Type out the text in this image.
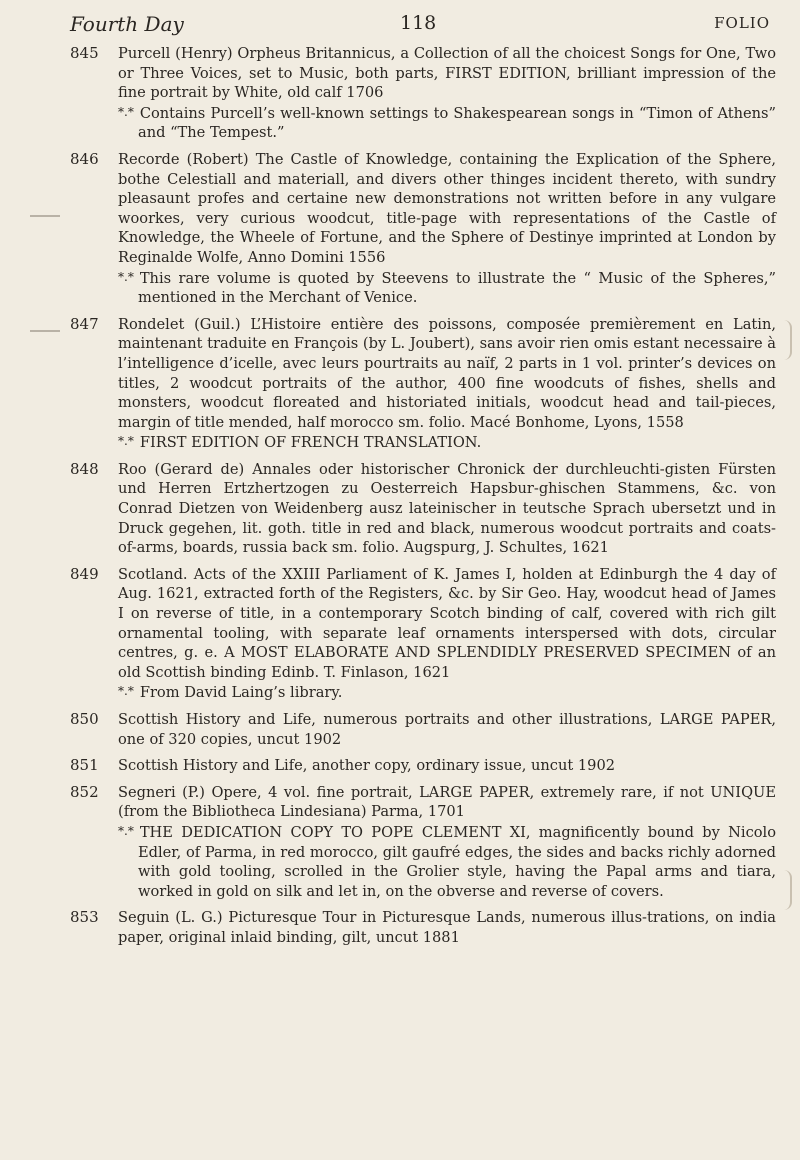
Fourth Day	118	FOLIO
845 Purcell (Henry) Orpheus Britannicus, a Collection of all the choicest Songs for One, Two or Three Voices, set to Music, both parts, FIRST EDITION, brilliant impression of the fine portrait by White, old calf 1706
*.* Contains Purcell’s well-known settings to Shakespearean songs in “Timon of Athens” and “The Tempest.”
846 Recorde (Robert) The Castle of Knowledge, containing the Explication of the Sphere, bothe Celestiall and materiall, and divers other thinges incident thereto, with sundry pleasaunt profes and certaine new demonstrations not written before in any vulgare woorkes, very curious woodcut, title-page with representations of the Castle of Knowledge, the Wheele of Fortune, and the Sphere of Destinye imprinted at London by Reginalde Wolfe, Anno Domini 1556
*.* This rare volume is quoted by Steevens to illustrate the “ Music of the Spheres,” mentioned in the Merchant of Venice.
847 Rondelet (Guil.) L’Histoire entière des poissons, composée premièrement en Latin, maintenant traduite en François (by L. Joubert), sans avoir rien omis estant necessaire à l’intelligence d’icelle, avec leurs pourtraits au naïf, 2 parts in 1 vol. printer’s devices on titles, 2 woodcut portraits of the author, 400 fine woodcuts of fishes, shells and monsters, woodcut floreated and historiated initials, woodcut head and tail-pieces, margin of title mended, half morocco sm. folio. Macé Bonhome, Lyons, 1558
*.* FIRST EDITION OF FRENCH TRANSLATION.
848 Roo (Gerard de) Annales oder historischer Chronick der durchleuchti-gisten Fürsten und Herren Ertzhertzogen zu Oesterreich Hapsbur-ghischen Stammens, &c. von Conrad Dietzen von Weidenberg ausz lateinischer in teutsche Sprach ubersetzt und in Druck gegehen, lit. goth. title in red and black, numerous woodcut portraits and coats-of-arms, boards, russia back sm. folio. Augspurg, J. Schultes, 1621
849 Scotland. Acts of the XXIII Parliament of K. James I, holden at Edinburgh the 4 day of Aug. 1621, extracted forth of the Registers, &c. by Sir Geo. Hay, woodcut head of James I on reverse of title, in a contemporary Scotch binding of calf, covered with rich gilt ornamental tooling, with separate leaf ornaments interspersed with dots, circular centres, g. e. A MOST ELABORATE AND SPLENDIDLY PRESERVED SPECIMEN of an old Scottish binding Edinb. T. Finlason, 1621
*.* From David Laing’s library.
850 Scottish History and Life, numerous portraits and other illustrations, LARGE PAPER, one of 320 copies, uncut 1902
851 Scottish History and Life, another copy, ordinary issue, uncut 1902
852 Segneri (P.) Opere, 4 vol. fine portrait, LARGE PAPER, extremely rare, if not UNIQUE (from the Bibliotheca Lindesiana) Parma, 1701
*.* THE DEDICATION COPY TO POPE CLEMENT XI, magnificently bound by Nicolo Edler, of Parma, in red morocco, gilt gaufré edges, the sides and backs richly adorned with gold tooling, scrolled in the Grolier style, having the Papal arms and tiara, worked in gold on silk and let in, on the obverse and reverse of covers.
853 Seguin (L. G.) Picturesque Tour in Picturesque Lands, numerous illus-trations, on india paper, original inlaid binding, gilt, uncut 1881
